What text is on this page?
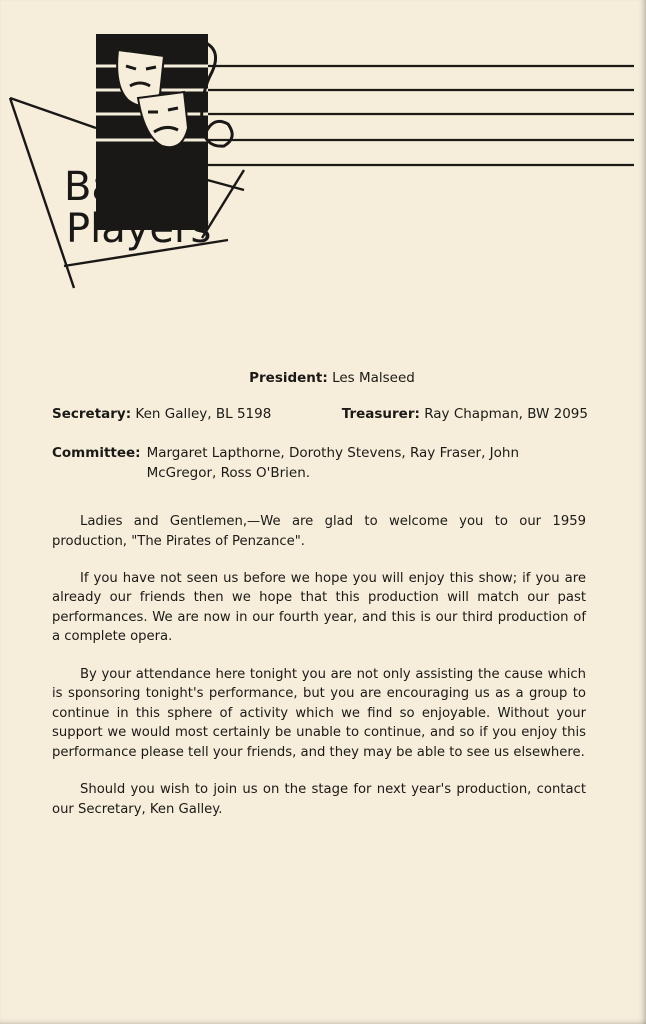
Babirra
Players
President: Les Malseed
Secretary: Ken Galley, BL 5198	Treasurer: Ray Chapman, BW 2095
Committee: Margaret Lapthorne, Dorothy Stevens, Ray Fraser, John McGregor, Ross O'Brien.

Ladies and Gentlemen,—We are glad to welcome you to our 1959 production, "The Pirates of Penzance".

If you have not seen us before we hope you will enjoy this show; if you are already our friends then we hope that this production will match our past performances. We are now in our fourth year, and this is our third production of a complete opera.

By your attendance here tonight you are not only assisting the cause which is sponsoring tonight's performance, but you are encouraging us as a group to continue in this sphere of activity which we find so enjoyable. Without your support we would most certainly be unable to continue, and so if you enjoy this performance please tell your friends, and they may be able to see us elsewhere.

Should you wish to join us on the stage for next year's production, contact our Secretary, Ken Galley.
